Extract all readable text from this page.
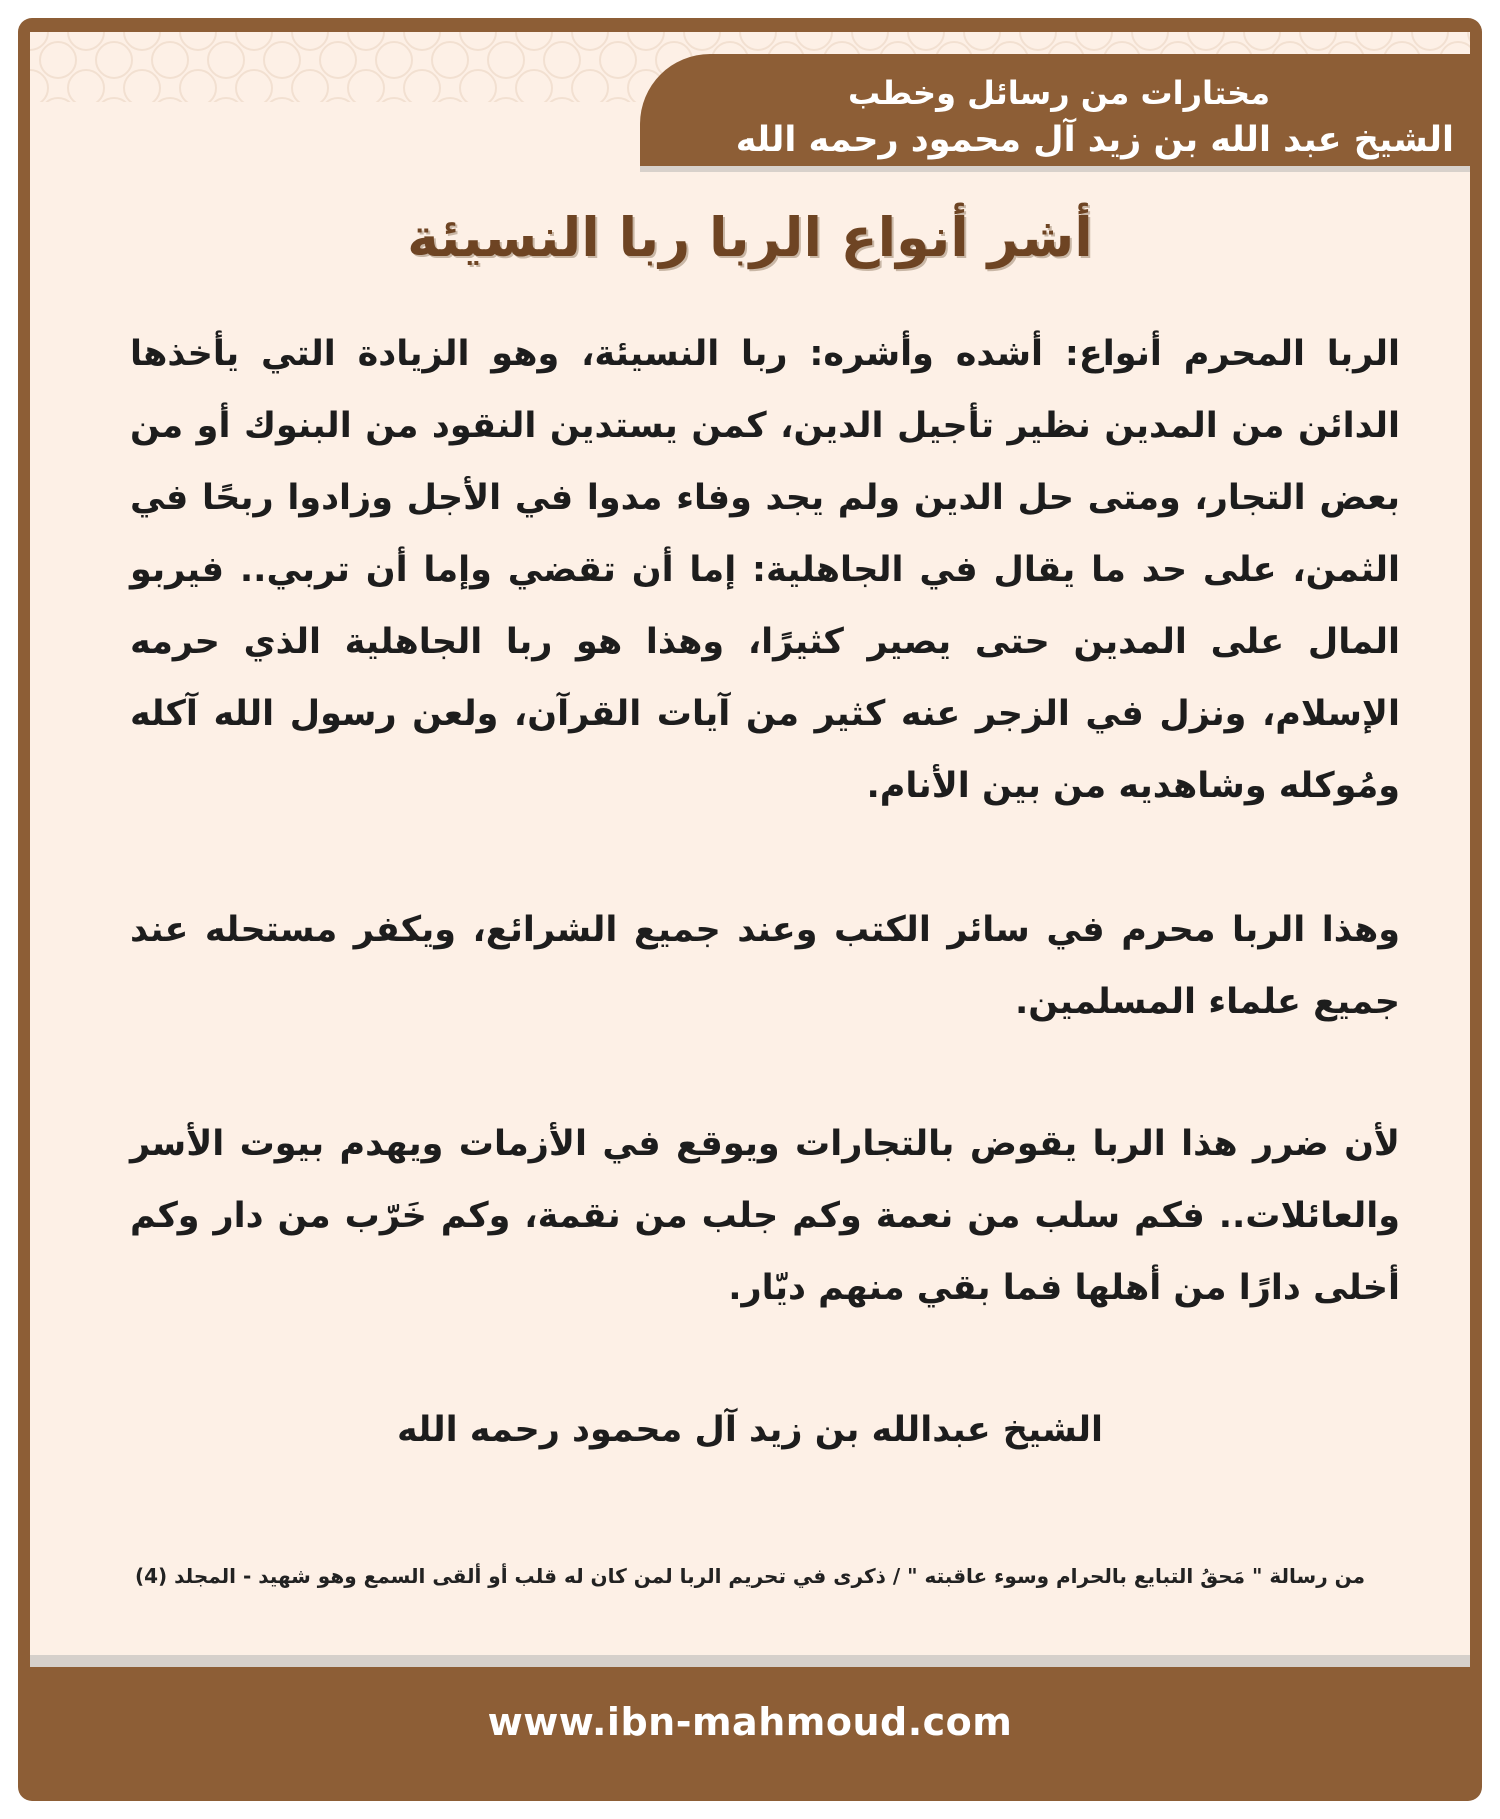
مختارات من رسائل وخطب
الشيخ عبد الله بن زيد آل محمود رحمه الله
أشر أنواع الربا ربا النسيئة

الربا المحرم أنواع: أشده وأشره: ربا النسيئة، وهو الزيادة التي يأخذها الدائن من المدين نظير تأجيل الدين، كمن يستدين النقود من البنوك أو من بعض التجار، ومتى حل الدين ولم يجد وفاء مدوا في الأجل وزادوا ربحًا في الثمن، على حد ما يقال في الجاهلية: إما أن تقضي وإما أن تربي.. فيربو المال على المدين حتى يصير كثيرًا، وهذا هو ربا الجاهلية الذي حرمه الإسلام، ونزل في الزجر عنه كثير من آيات القرآن، ولعن رسول الله آكله ومُوكله وشاهديه من بين الأنام.

وهذا الربا محرم في سائر الكتب وعند جميع الشرائع، ويكفر مستحله عند جميع علماء المسلمين.

لأن ضرر هذا الربا يقوض بالتجارات ويوقع في الأزمات ويهدم بيوت الأسر والعائلات.. فكم سلب من نعمة وكم جلب من نقمة، وكم خَرّب من دار وكم أخلى دارًا من أهلها فما بقي منهم ديّار.

الشيخ عبدالله بن زيد آل محمود رحمه الله
من رسالة " مَحقُ التبايع بالحرام وسوء عاقبته " / ذكرى في تحريم الربا لمن كان له قلب أو ألقى السمع وهو شهيد - المجلد (4)
www.ibn-mahmoud.com
